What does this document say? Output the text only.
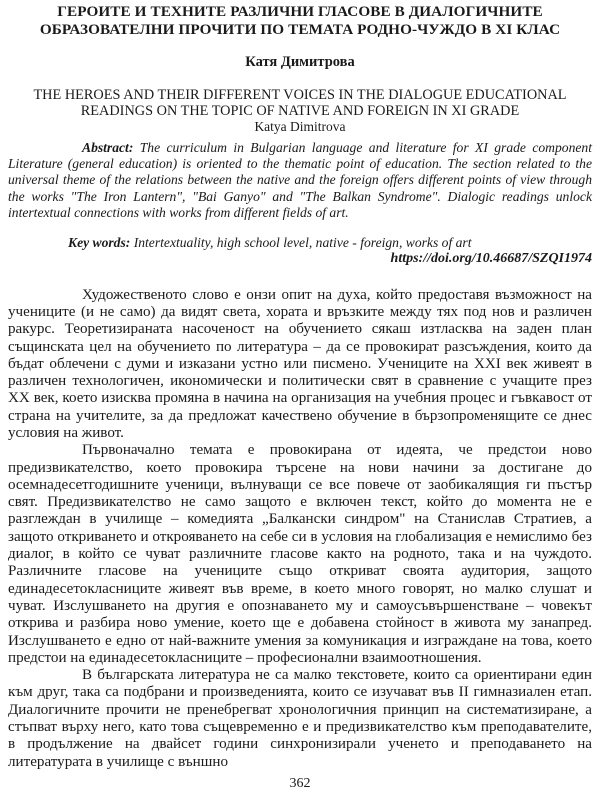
ГЕРОИТЕ И ТЕХНИТЕ РАЗЛИЧНИ ГЛАСОВЕ В ДИАЛОГИЧНИТЕ ОБРАЗОВАТЕЛНИ ПРОЧИТИ ПО ТЕМАТА РОДНО-ЧУЖДО В XI КЛАС
Катя Димитрова
THE HEROES AND THEIR DIFFERENT VOICES IN THE DIALOGUE EDUCATIONAL READINGS ON THE TOPIC OF NATIVE AND FOREIGN IN XI GRADE
Katya Dimitrova

Abstract: The curriculum in Bulgarian language and literature for XI grade component Literature (general education) is oriented to the thematic point of education. The section related to the universal theme of the relations between the native and the foreign offers different points of view through the works "The Iron Lantern", "Bai Ganyo" and "The Balkan Syndrome". Dialogic readings unlock intertextual connections with works from different fields of art.

Key words: Intertextuality, high school level, native - foreign, works of art
https://doi.org/10.46687/SZQI1974

Художественото слово е онзи опит на духа, който предоставя възможност на учениците (и не само) да видят света, хората и връзките между тях под нов и различен ракурс. Теоретизираната насоченост на обучението сякаш изтласква на заден план същинската цел на обучението по литература – да се провокират разсъждения, които да бъдат облечени с думи и изказани устно или писмено. Учениците на XXI век живеят в различен технологичен, икономически и политически свят в сравнение с учащите през XX век, което изисква промяна в начина на организация на учебния процес и гъвкавост от страна на учителите, за да предложат качествено обучение в бързопроменящите се днес условия на живот.

Първоначално темата е провокирана от идеята, че предстои ново предизвикателство, което провокира търсене на нови начини за достигане до осемнадесетгодишните ученици, вълнуващи се все повече от заобикалящия ги пъстър свят. Предизвикателство не само защото е включен текст, който до момента не е разглеждан в училище – комедията „Балкански синдром" на Станислав Стратиев, а защото откриването и открояването на себе си в условия на глобализация е немислимо без диалог, в който се чуват различните гласове както на родното, така и на чуждото. Различните гласове на учениците също откриват своята аудитория, защото единадесетокласниците живеят във време, в което много говорят, но малко слушат и чуват. Изслушването на другия е опознаването му и самоусъвършенстване – човекът открива и разбира ново умение, което ще е добавена стойност в живота му занапред. Изслушването е едно от най-важните умения за комуникация и изграждане на това, което предстои на единадесетокласниците – професионални взаимоотношения.

В българската литература не са малко текстовете, които са ориентирани един към друг, така са подбрани и произведенията, които се изучават във II гимназиален етап. Диалогичните прочити не пренебрегват хронологичния принцип на систематизиране, а стъпват върху него, като това същевременно е и предизвикателство към преподавателите, в продължение на двайсет години синхронизирали ученето и преподаването на литературата в училище с външно

362
